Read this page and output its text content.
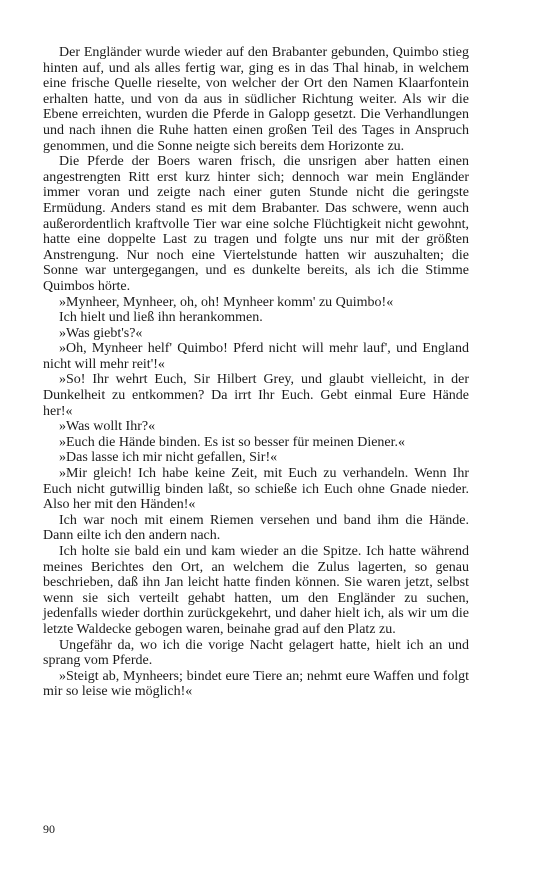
Der Engländer wurde wieder auf den Brabanter gebunden, Quimbo stieg hinten auf, und als alles fertig war, ging es in das Thal hinab, in welchem eine frische Quelle rieselte, von welcher der Ort den Namen Klaarfontein erhalten hatte, und von da aus in südlicher Richtung weiter. Als wir die Ebene erreichten, wurden die Pferde in Galopp gesetzt. Die Verhandlungen und nach ihnen die Ruhe hatten einen großen Teil des Tages in Anspruch genommen, und die Sonne neigte sich bereits dem Horizonte zu.

Die Pferde der Boers waren frisch, die unsrigen aber hatten einen angestrengten Ritt erst kurz hinter sich; dennoch war mein Engländer immer voran und zeigte nach einer guten Stunde nicht die geringste Ermüdung. Anders stand es mit dem Brabanter. Das schwere, wenn auch außerordentlich kraftvolle Tier war eine solche Flüchtigkeit nicht gewohnt, hatte eine doppelte Last zu tragen und folgte uns nur mit der größten Anstrengung. Nur noch eine Viertelstunde hatten wir auszuhalten; die Sonne war untergegangen, und es dunkelte bereits, als ich die Stimme Quimbos hörte.

»Mynheer, Mynheer, oh, oh! Mynheer komm' zu Quimbo!«

Ich hielt und ließ ihn herankommen.

»Was giebt's?«

»Oh, Mynheer helf' Quimbo! Pferd nicht will mehr lauf', und England nicht will mehr reit'!«

»So! Ihr wehrt Euch, Sir Hilbert Grey, und glaubt vielleicht, in der Dunkelheit zu entkommen? Da irrt Ihr Euch. Gebt einmal Eure Hände her!«

»Was wollt Ihr?«

»Euch die Hände binden. Es ist so besser für meinen Diener.«

»Das lasse ich mir nicht gefallen, Sir!«

»Mir gleich! Ich habe keine Zeit, mit Euch zu verhandeln. Wenn Ihr Euch nicht gutwillig binden laßt, so schieße ich Euch ohne Gnade nieder. Also her mit den Händen!«

Ich war noch mit einem Riemen versehen und band ihm die Hände. Dann eilte ich den andern nach.

Ich holte sie bald ein und kam wieder an die Spitze. Ich hatte während meines Berichtes den Ort, an welchem die Zulus lagerten, so genau beschrieben, daß ihn Jan leicht hatte finden können. Sie waren jetzt, selbst wenn sie sich verteilt gehabt hatten, um den Engländer zu suchen, jedenfalls wieder dorthin zurückgekehrt, und daher hielt ich, als wir um die letzte Waldecke gebogen waren, beinahe grad auf den Platz zu.

Ungefähr da, wo ich die vorige Nacht gelagert hatte, hielt ich an und sprang vom Pferde.

»Steigt ab, Mynheers; bindet eure Tiere an; nehmt eure Waffen und folgt mir so leise wie möglich!«

90
